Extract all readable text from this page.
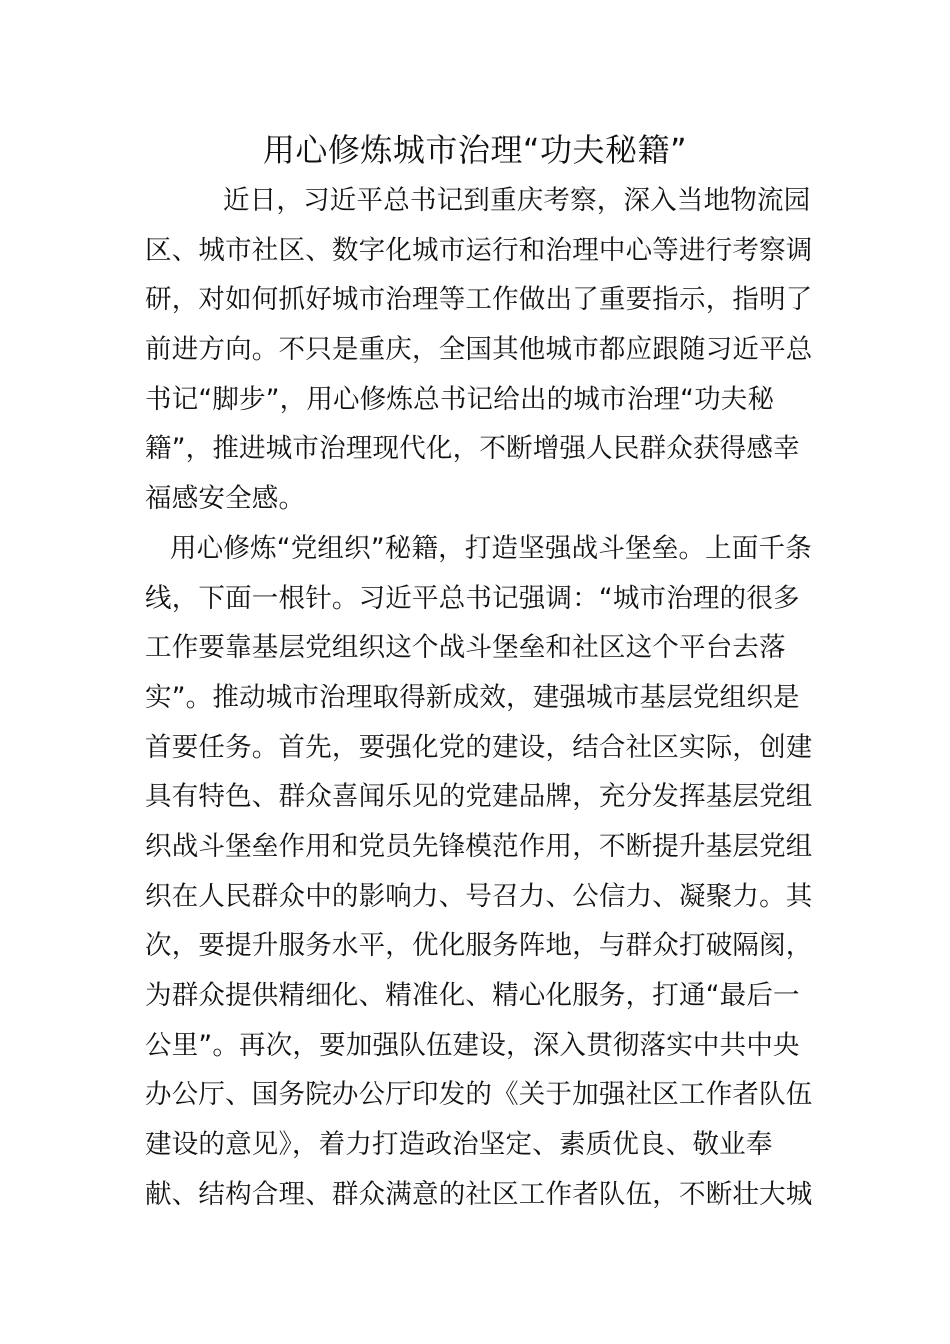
用心修炼城市治理“功夫秘籍”
近日，习近平总书记到重庆考察，深入当地物流园
区、城市社区、数字化城市运行和治理中心等进行考察调
研，对如何抓好城市治理等工作做出了重要指示，指明了
前进方向。不只是重庆，全国其他城市都应跟随习近平总
书记“脚步”，用心修炼总书记给出的城市治理“功夫秘
籍”，推进城市治理现代化，不断增强人民群众获得感幸
福感安全感。
用心修炼“党组织”秘籍，打造坚强战斗堡垒。上面千条
线，下面一根针。习近平总书记强调：“城市治理的很多
工作要靠基层党组织这个战斗堡垒和社区这个平台去落
实”。推动城市治理取得新成效，建强城市基层党组织是
首要任务。首先，要强化党的建设，结合社区实际，创建
具有特色、群众喜闻乐见的党建品牌，充分发挥基层党组
织战斗堡垒作用和党员先锋模范作用，不断提升基层党组
织在人民群众中的影响力、号召力、公信力、凝聚力。其
次，要提升服务水平，优化服务阵地，与群众打破隔阂，
为群众提供精细化、精准化、精心化服务，打通“最后一
公里”。再次，要加强队伍建设，深入贯彻落实中共中央
办公厅、国务院办公厅印发的《关于加强社区工作者队伍
建设的意见》，着力打造政治坚定、素质优良、敬业奉
献、结构合理、群众满意的社区工作者队伍，不断壮大城
